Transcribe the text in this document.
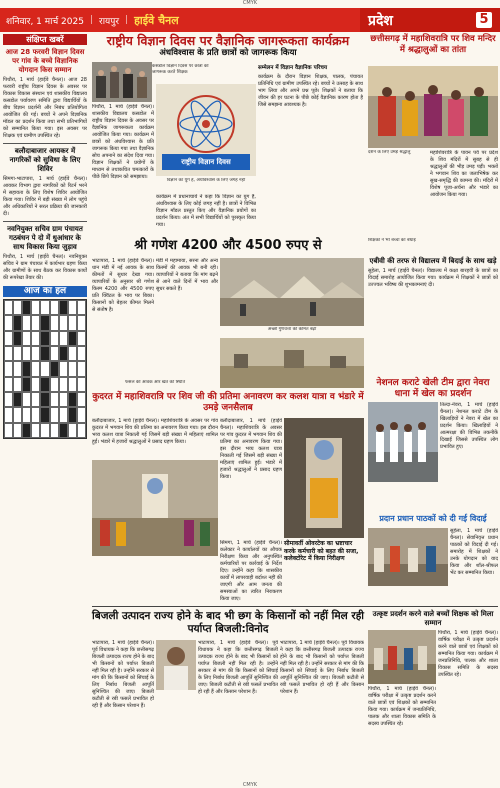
CMYK
शनिवार, 1 मार्च 2025 | रायपुर | हाईवे चैनल	प्रदेश	5
संक्षिप्त खबरें
आज 28 फरवरी विज्ञान दिवस पर गांव के बच्चे विज्ञानिक योगदान किस सम्मान
पिथौरा, 1 मार्च (हाईवे चैनल)। आज 28 फरवरी राष्ट्रीय विज्ञान दिवस के अवसर पर विकास विकास संस्थान एवं शासकीय विद्यालय कसडोल पर्यावरण समिति द्वारा विद्यार्थियों के बीच विज्ञान प्रदर्शनी और निबंध प्रतियोगिता आयोजित की गई। बच्चों ने अपने विज्ञानिक मॉडल का प्रदर्शन किया तथा सभी प्रतिभागियों को सम्मानित किया गया। इस अवसर पर शिक्षक एवं ग्रामीण उपस्थित रहे।
बलौदाबाजार आयकर में नागरिकों को सुविधा के लिए शिविर
सिमगा-भाटापारा, 1 मार्च (हाईवे चैनल)। आयकर विभाग द्वारा नागरिकों को रिटर्न भरने में सहायता के लिए विशेष शिविर आयोजित किया गया। शिविर में बड़ी संख्या में लोग पहुंचे और अधिकारियों ने सरल प्रक्रिया की जानकारी दी।
नवनियुक्त सचिव ग्राम पंचायत गठबंधन पे दो में धुआंधार के साथ विकास किया जुड़ाव
पिथौरा, 1 मार्च (हाईवे चैनल)। नवनियुक्त सचिव ने ग्राम पंचायत में कार्यभार ग्रहण किया और ग्रामीणों के साथ बैठक कर विकास कार्यों की रूपरेखा तैयार की।
आज का हल
राष्ट्रीय विज्ञान दिवस पर वैज्ञानिक जागरूकता कार्यक्रम
अंधविश्वास के प्रति छात्रों को जागरूक किया
कसडोल विज्ञान दिवस पर छात्रों को जागरूक करते शिक्षक
पिथौरा, 1 मार्च (हाईवे चैनल)। शासकीय विद्यालय कसडोल में राष्ट्रीय विज्ञान दिवस के अवसर पर वैज्ञानिक जागरूकता कार्यक्रम आयोजित किया गया। कार्यक्रम में छात्रों को अंधविश्वास के प्रति जागरूक किया गया तथा वैज्ञानिक सोच अपनाने का संदेश दिया गया। विज्ञान शिक्षकों ने प्रयोगों के माध्यम से तथाकथित चमत्कारों के पीछे छिपे विज्ञान को समझाया।
राष्ट्रीय विज्ञान दिवस
विज्ञान का युग है, अंधविश्वास के लिए जगह नहीं
कार्यक्रम में प्रधानाचार्य ने कहा कि विज्ञान का युग है, अंधविश्वास के लिए कोई जगह नहीं है। छात्रों ने विभिन्न विज्ञान मॉडल प्रस्तुत किए और वैज्ञानिक प्रयोगों का प्रदर्शन किया। अंत में सभी विद्यार्थियों को पुरस्कृत किया गया।
सम्मेलन में विज्ञान वैज्ञानिक परिचय
कार्यक्रम के दौरान विज्ञान शिक्षक, पालक, पंचायत प्रतिनिधि एवं ग्रामीण उपस्थित रहे। बच्चों ने उत्साह के साथ भाग लिया और अपने प्रश्न पूछे। शिक्षकों ने बताया कि जीवन की हर घटना के पीछे कोई वैज्ञानिक कारण होता है जिसे समझना आवश्यक है।
छत्तीसगढ़ में महाशिवरात्रि पर शिव मन्दिर में श्रद्धालुओं का तांता
दर्शन के लिए उमड़े श्रद्धालु	महाशिवरात्रि के पावन पर्व पर प्रदेश के शिव मंदिरों में सुबह से ही श्रद्धालुओं की भीड़ उमड़ पड़ी। भक्तों ने भगवान शिव का जलाभिषेक कर सुख-समृद्धि की कामना की। मंदिरों में विशेष पूजा-अर्चना और भंडारे का आयोजन किया गया।
श्री गणेश 4200 और 4500 रुपए से
भाटापारा, 1 मार्च (हाईवे चैनल)। धान मंडी में नई आवक के साथ कीमतों में सुधार देखा गया। व्यापारियों के अनुसार श्री गणेश किस्म 4200 और 4500 रुपए प्रति क्विंटल के भाव पर बिका। किसानों को बेहतर कीमत मिलने से संतोष है।
मंडी में महामाया, सरना और अन्य किस्मों की आवक भी बनी रही। व्यापारियों ने बताया कि मांग बढ़ने से आने वाले दिनों में भाव और सुधर सकते हैं।
अच्छी गुणवत्ता की कीमत बढ़ी
फसल की आवक और खेत की स्थिति
कुदरत में महाशिवरात्रि पर शिव जी की प्रतिमा अनावरण कर कलश यात्रा व भंडारे में उमड़े जनसैलाब
बलौदाबाजार, 1 मार्च (हाईवे चैनल)। महाशिवरात्रि के अवसर पर गांव कुदरत में भगवान शिव की प्रतिमा का अनावरण किया गया। इस दौरान भव्य कलश यात्रा निकाली गई जिसमें बड़ी संख्या में महिलाएं शामिल हुईं। भंडारे में हजारों श्रद्धालुओं ने प्रसाद ग्रहण किया।
बलौदाबाजार, 1 मार्च (हाईवे चैनल)। महाशिवरात्रि के अवसर पर गांव कुदरत में भगवान शिव की प्रतिमा का अनावरण किया गया। इस दौरान भव्य कलश यात्रा निकाली गई जिसमें बड़ी संख्या में महिलाएं शामिल हुईं। भंडारे में हजारों श्रद्धालुओं ने प्रसाद ग्रहण किया।
शिक्षकों ने भी बच्चों को बधाई
सीमावर्ती ओवरटेक का भ्रष्टाचार करके कर्मचारी को बहत की सजा, कलेक्टोरेट में किया निरीक्षण
एबीवी की तरफ से विद्यालय में बिदाई के साथ खड़े
सुहेला, 1 मार्च (हाईवे चैनल)। विद्यालय में कक्षा बारहवीं के छात्रों का विदाई समारोह आयोजित किया गया। कार्यक्रम में शिक्षकों ने छात्रों को उज्ज्वल भविष्य की शुभकामनाएं दी।
नेशनल कराटे खेली टीम द्वारा नेवरा धाना में खेल का प्रदर्शन
तिल्दा-नेवरा, 1 मार्च (हाईवे चैनल)। नेशनल कराटे टीम के खिलाड़ियों ने नेवरा में खेल का प्रदर्शन किया। खिलाड़ियों ने आत्मरक्षा की विभिन्न तकनीकें दिखाईं जिससे उपस्थित लोग प्रभावित हुए।
प्रदान प्रधान पाठकों को दी गई विदाई
सुहेला, 1 मार्च (हाईवे चैनल)। सेवानिवृत्त प्रधान पाठकों को विदाई दी गई। समारोह में शिक्षकों ने उनके योगदान को याद किया और शॉल-श्रीफल भेंट कर सम्मानित किया।
बिजली उत्पादन राज्य होने के बाद भी छग के किसानों को नहीं मिल रही पर्याप्त बिजली:विनोद
भाटापारा, 1 मार्च (हाईवे चैनल)। पूर्व विधायक ने कहा कि छत्तीसगढ़ बिजली उत्पादक राज्य होने के बाद भी किसानों को पर्याप्त बिजली नहीं मिल रही है। उन्होंने सरकार से मांग की कि किसानों को सिंचाई के लिए निर्बाध बिजली आपूर्ति सुनिश्चित की जाए। बिजली कटौती से रबी फसलें प्रभावित हो रही हैं और किसान परेशान हैं।
भाटापारा, 1 मार्च (हाईवे चैनल)। पूर्व विधायक ने कहा कि छत्तीसगढ़ बिजली उत्पादक राज्य होने के बाद भी किसानों को पर्याप्त बिजली नहीं मिल रही है। उन्होंने सरकार से मांग की कि किसानों को सिंचाई के लिए निर्बाध बिजली आपूर्ति सुनिश्चित की जाए। बिजली कटौती से रबी फसलें प्रभावित हो रही हैं और किसान परेशान हैं।
भाटापारा, 1 मार्च (हाईवे चैनल)। पूर्व विधायक ने कहा कि छत्तीसगढ़ बिजली उत्पादक राज्य होने के बाद भी किसानों को पर्याप्त बिजली नहीं मिल रही है। उन्होंने सरकार से मांग की कि किसानों को सिंचाई के लिए निर्बाध बिजली आपूर्ति सुनिश्चित की जाए। बिजली कटौती से रबी फसलें प्रभावित हो रही हैं और किसान परेशान हैं।
उत्कृष्ट प्रदर्शन करने वाले बच्चों शिक्षक को मिला सम्मान
पिथौरा, 1 मार्च (हाईवे चैनल)। वार्षिक परीक्षा में उत्कृष्ट प्रदर्शन करने वाले छात्रों एवं शिक्षकों को सम्मानित किया गया। कार्यक्रम में जनप्रतिनिधि, पालक और शाला विकास समिति के सदस्य उपस्थित रहे।
पिथौरा, 1 मार्च (हाईवे चैनल)। वार्षिक परीक्षा में उत्कृष्ट प्रदर्शन करने वाले छात्रों एवं शिक्षकों को सम्मानित किया गया। कार्यक्रम में जनप्रतिनिधि, पालक और शाला विकास समिति के सदस्य उपस्थित रहे।
सिमगा, 1 मार्च (हाईवे चैनल)। कलेक्टर ने कार्यालयों का औचक निरीक्षण किया और अनुपस्थित कर्मचारियों पर कार्रवाई के निर्देश दिए। उन्होंने कहा कि शासकीय कार्यों में लापरवाही बर्दाश्त नहीं की जाएगी और आम जनता की समस्याओं का त्वरित निराकरण किया जाए।
CMYK
